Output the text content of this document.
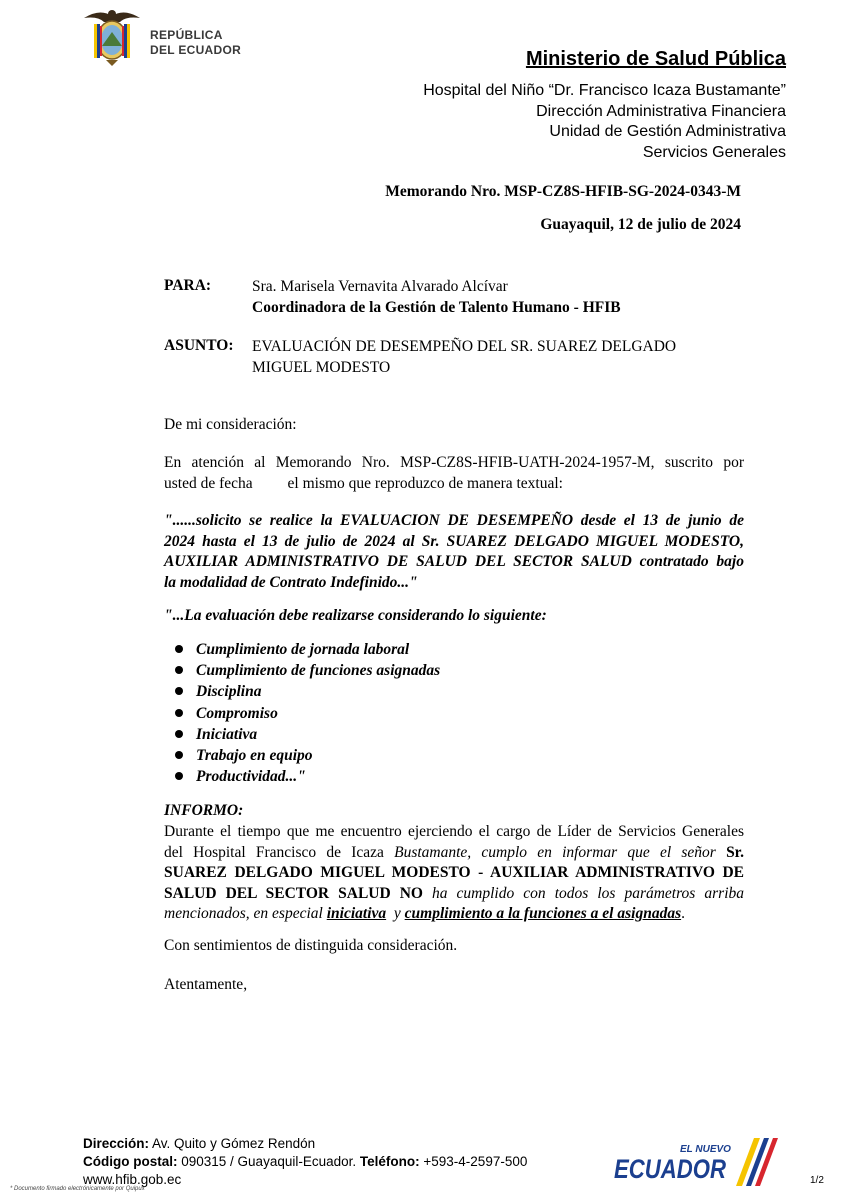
REPÚBLICA
DEL ECUADOR	Ministerio de Salud Pública
Hospital del Niño “Dr. Francisco Icaza Bustamante”
Dirección Administrativa Financiera
Unidad de Gestión Administrativa
Servicios Generales
Memorando Nro. MSP-CZ8S-HFIB-SG-2024-0343-M
Guayaquil, 12 de julio de 2024
PARA:	Sra. Marisela Vernavita Alvarado Alcívar
Coordinadora de la Gestión de Talento Humano - HFIB
ASUNTO: EVALUACIÓN DE DESEMPEÑO DEL SR. SUAREZ DELGADO
MIGUEL MODESTO
De mi consideración:
En atención al Memorando Nro. MSP-CZ8S-HFIB-UATH-2024-1957-M, suscrito por
usted de fecha         el mismo que reproduzco de manera textual:
"......solicito se realice la EVALUACION DE DESEMPEÑO desde el 13 de junio de
2024 hasta el 13 de julio de 2024 al Sr. SUAREZ DELGADO MIGUEL MODESTO,
AUXILIAR ADMINISTRATIVO DE SALUD DEL SECTOR SALUD contratado bajo
la modalidad de Contrato Indefinido..."
"...La evaluación debe realizarse considerando lo siguiente:
Cumplimiento de jornada laboral
Cumplimiento de funciones asignadas
Disciplina
Compromiso
Iniciativa
Trabajo en equipo
Productividad..."
INFORMO:
Durante el tiempo que me encuentro ejerciendo el cargo de Líder de Servicios Generales
del Hospital Francisco de Icaza Bustamante, cumplo en informar que el señor Sr.
SUAREZ DELGADO MIGUEL MODESTO - AUXILIAR ADMINISTRATIVO DE
SALUD DEL SECTOR SALUD NO ha cumplido con todos los parámetros arriba
mencionados, en especial iniciativa  y cumplimiento a la funciones a el asignadas.
Con sentimientos de distinguida consideración.
Atentamente,
Dirección: Av. Quito y Gómez Rendón
Código postal: 090315 / Guayaquil-Ecuador. Teléfono: +593-4-2597-500
www.hfib.gob.ec
* Documento firmado electrónicamente por Quipux
EL NUEVO
ECUADOR	1/2
